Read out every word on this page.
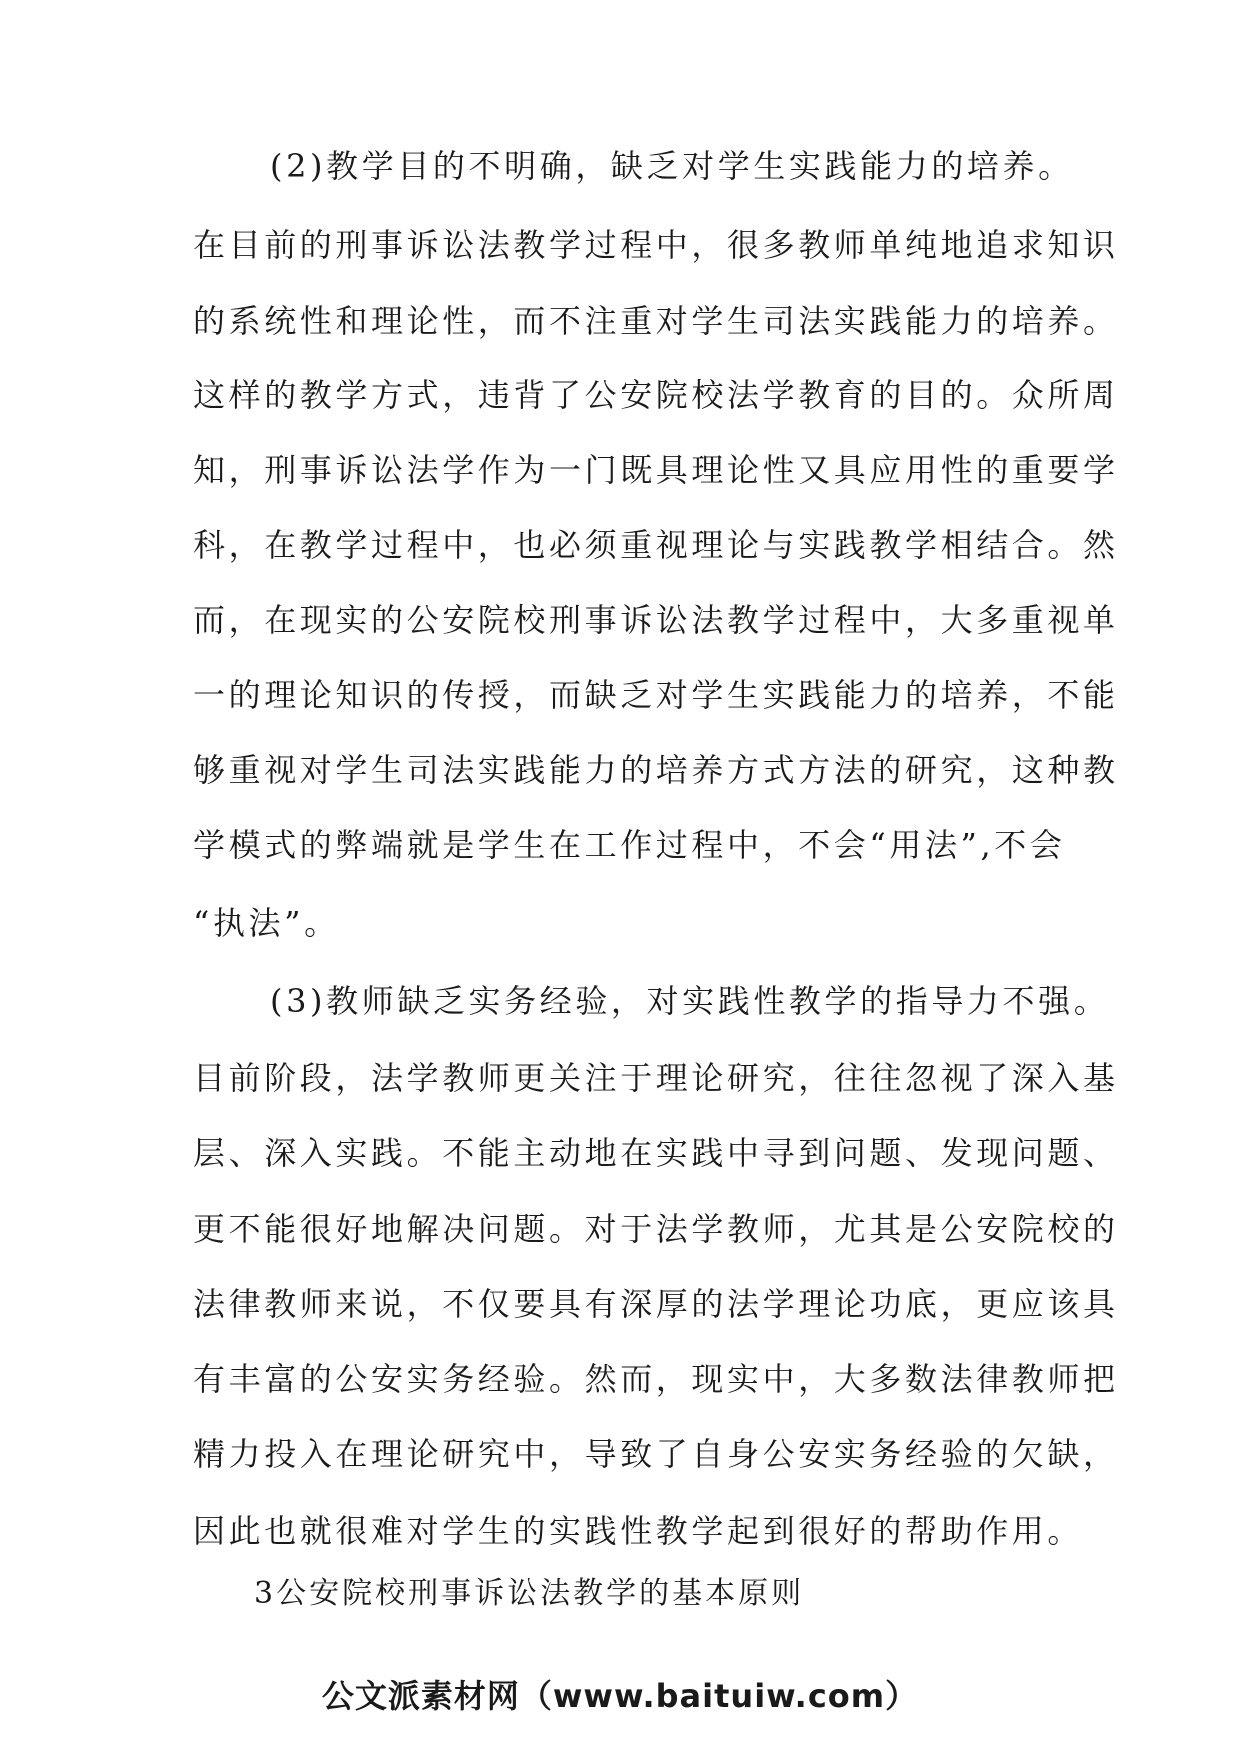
(2)教学目的不明确，缺乏对学生实践能力的培养。
在目前的刑事诉讼法教学过程中，很多教师单纯地追求知识
的系统性和理论性，而不注重对学生司法实践能力的培养。
这样的教学方式，违背了公安院校法学教育的目的。众所周
知，刑事诉讼法学作为一门既具理论性又具应用性的重要学
科，在教学过程中，也必须重视理论与实践教学相结合。然
而，在现实的公安院校刑事诉讼法教学过程中，大多重视单
一的理论知识的传授，而缺乏对学生实践能力的培养，不能
够重视对学生司法实践能力的培养方式方法的研究，这种教
学模式的弊端就是学生在工作过程中，不会“用法”,不会
“执法”。
(3)教师缺乏实务经验，对实践性教学的指导力不强。
目前阶段，法学教师更关注于理论研究，往往忽视了深入基
层、深入实践。不能主动地在实践中寻到问题、发现问题、
更不能很好地解决问题。对于法学教师，尤其是公安院校的
法律教师来说，不仅要具有深厚的法学理论功底，更应该具
有丰富的公安实务经验。然而，现实中，大多数法律教师把
精力投入在理论研究中，导致了自身公安实务经验的欠缺，
因此也就很难对学生的实践性教学起到很好的帮助作用。
3公安院校刑事诉讼法教学的基本原则
公文派素材网（www.baituiw.com）
